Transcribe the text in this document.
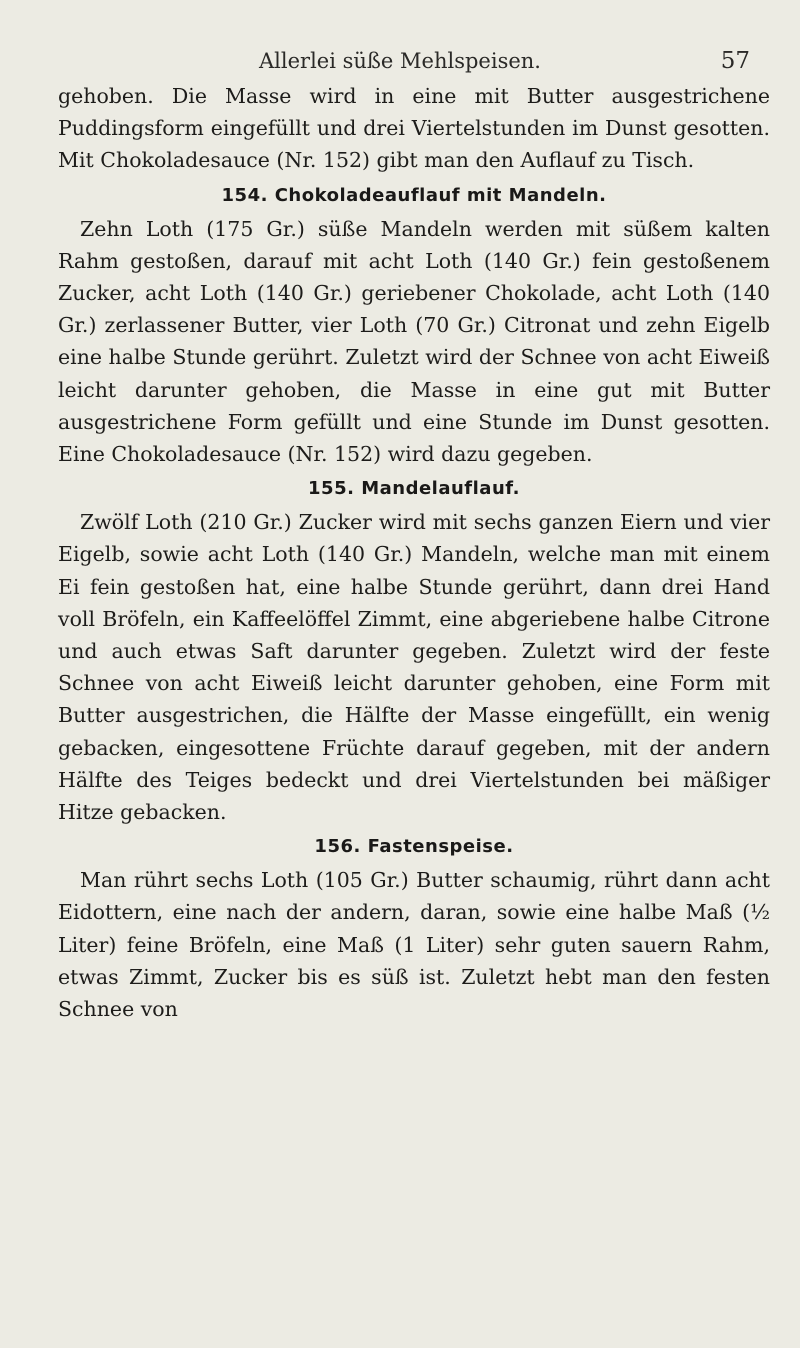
Allerlei süße Mehlspeisen.	57

gehoben. Die Masse wird in eine mit Butter ausgestrichene Puddingsform eingefüllt und drei Viertelstunden im Dunst gesotten. Mit Chokoladesauce (Nr. 152) gibt man den Auflauf zu Tisch.

154. Chokoladeauflauf mit Mandeln.

Zehn Loth (175 Gr.) süße Mandeln werden mit süßem kalten Rahm gestoßen, darauf mit acht Loth (140 Gr.) fein gestoßenem Zucker, acht Loth (140 Gr.) geriebener Chokolade, acht Loth (140 Gr.) zerlassener Butter, vier Loth (70 Gr.) Citronat und zehn Eigelb eine halbe Stunde gerührt. Zuletzt wird der Schnee von acht Eiweiß leicht darunter gehoben, die Masse in eine gut mit Butter ausgestrichene Form gefüllt und eine Stunde im Dunst gesotten. Eine Chokoladesauce (Nr. 152) wird dazu gegeben.

155. Mandelauflauf.

Zwölf Loth (210 Gr.) Zucker wird mit sechs ganzen Eiern und vier Eigelb, sowie acht Loth (140 Gr.) Mandeln, welche man mit einem Ei fein gestoßen hat, eine halbe Stunde gerührt, dann drei Hand voll Bröfeln, ein Kaffeelöffel Zimmt, eine abgeriebene halbe Citrone und auch etwas Saft darunter gegeben. Zuletzt wird der feste Schnee von acht Eiweiß leicht darunter gehoben, eine Form mit Butter ausgestrichen, die Hälfte der Masse eingefüllt, ein wenig gebacken, eingesottene Früchte darauf gegeben, mit der andern Hälfte des Teiges bedeckt und drei Viertelstunden bei mäßiger Hitze gebacken.

156. Fastenspeise.

Man rührt sechs Loth (105 Gr.) Butter schaumig, rührt dann acht Eidottern, eine nach der andern, daran, sowie eine halbe Maß (½ Liter) feine Bröfeln, eine Maß (1 Liter) sehr guten sauern Rahm, etwas Zimmt, Zucker bis es süß ist. Zuletzt hebt man den festen Schnee von
